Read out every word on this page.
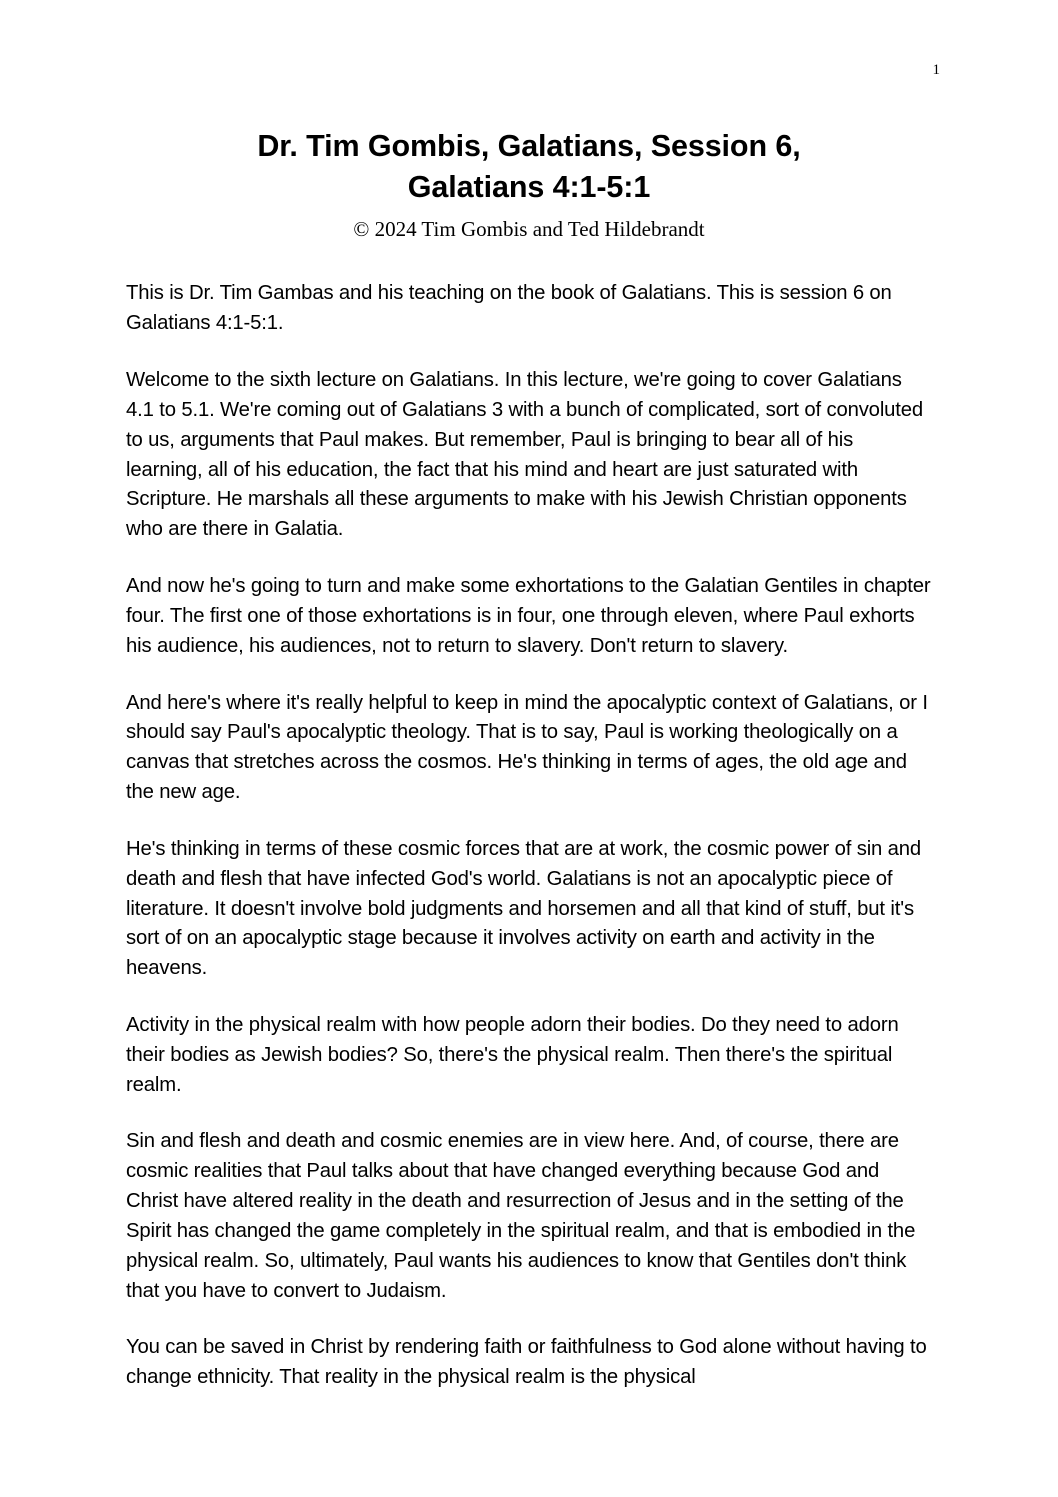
1
Dr. Tim Gombis, Galatians, Session 6,
Galatians 4:1-5:1
© 2024 Tim Gombis and Ted Hildebrandt

This is Dr. Tim Gambas and his teaching on the book of Galatians. This is session 6 on Galatians 4:1-5:1.

Welcome to the sixth lecture on Galatians. In this lecture, we're going to cover Galatians 4.1 to 5.1. We're coming out of Galatians 3 with a bunch of complicated, sort of convoluted to us, arguments that Paul makes. But remember, Paul is bringing to bear all of his learning, all of his education, the fact that his mind and heart are just saturated with Scripture. He marshals all these arguments to make with his Jewish Christian opponents who are there in Galatia.

And now he's going to turn and make some exhortations to the Galatian Gentiles in chapter four. The first one of those exhortations is in four, one through eleven, where Paul exhorts his audience, his audiences, not to return to slavery. Don't return to slavery.

And here's where it's really helpful to keep in mind the apocalyptic context of Galatians, or I should say Paul's apocalyptic theology. That is to say, Paul is working theologically on a canvas that stretches across the cosmos. He's thinking in terms of ages, the old age and the new age.

He's thinking in terms of these cosmic forces that are at work, the cosmic power of sin and death and flesh that have infected God's world. Galatians is not an apocalyptic piece of literature. It doesn't involve bold judgments and horsemen and all that kind of stuff, but it's sort of on an apocalyptic stage because it involves activity on earth and activity in the heavens.

Activity in the physical realm with how people adorn their bodies. Do they need to adorn their bodies as Jewish bodies? So, there's the physical realm. Then there's the spiritual realm.

Sin and flesh and death and cosmic enemies are in view here. And, of course, there are cosmic realities that Paul talks about that have changed everything because God and Christ have altered reality in the death and resurrection of Jesus and in the setting of the Spirit has changed the game completely in the spiritual realm, and that is embodied in the physical realm. So, ultimately, Paul wants his audiences to know that Gentiles don't think that you have to convert to Judaism.

You can be saved in Christ by rendering faith or faithfulness to God alone without having to change ethnicity. That reality in the physical realm is the physical
